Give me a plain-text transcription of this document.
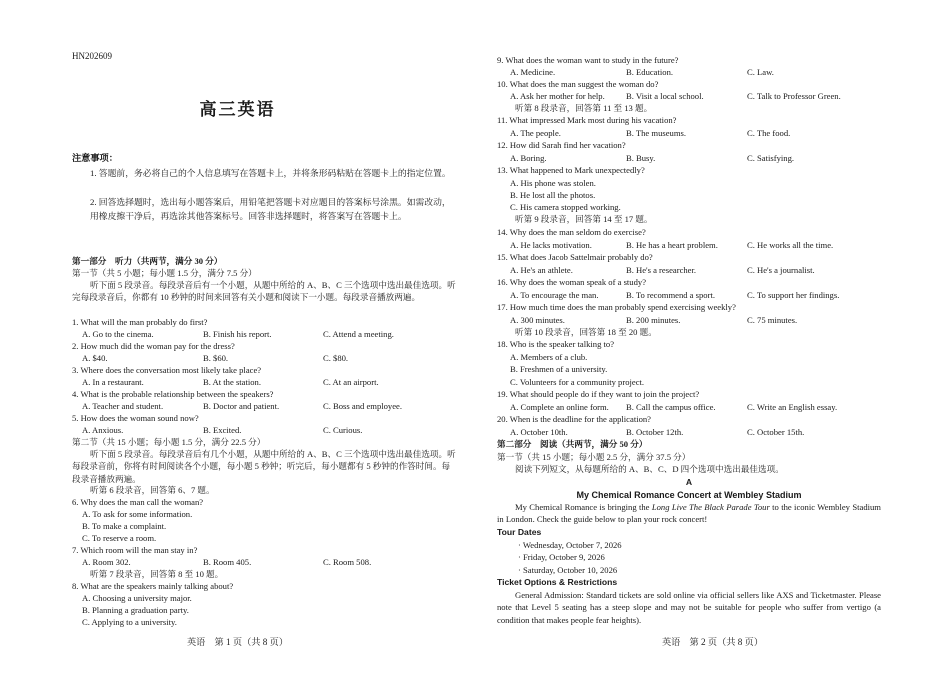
HN202609
高三英语
注意事项：
1. 答题前，务必将自己的个人信息填写在答题卡上，并将条形码粘贴在答题卡上的指定位置。
2. 回答选择题时，选出每小题答案后，用铅笔把答题卡对应题目的答案标号涂黑。如需改动，用橡皮擦干净后，再选涂其他答案标号。回答非选择题时，将答案写在答题卡上。
第一部分　听力（共两节，满分 30 分）
第一节（共 5 小题；每小题 1.5 分，满分 7.5 分）
听下面 5 段录音。每段录音后有一个小题，从题中所给的 A、B、C 三个选项中选出最佳选项。听完每段录音后，你都有 10 秒钟的时间来回答有关小题和阅读下一小题。每段录音播放两遍。
1. What will the man probably do first?
A. Go to the cinema.	B. Finish his report.	C. Attend a meeting.
2. How much did the woman pay for the dress?
A. $40.	B. $60.	C. $80.
3. Where does the conversation most likely take place?
A. In a restaurant.	B. At the station.	C. At an airport.
4. What is the probable relationship between the speakers?
A. Teacher and student.	B. Doctor and patient.	C. Boss and employee.
5. How does the woman sound now?
A. Anxious.	B. Excited.	C. Curious.
第二节（共 15 小题；每小题 1.5 分，满分 22.5 分）
听下面 5 段录音。每段录音后有几个小题，从题中所给的 A、B、C 三个选项中选出最佳选项。听每段录音前，你将有时间阅读各个小题，每小题 5 秒钟；听完后，每小题都有 5 秒钟的作答时间。每段录音播放两遍。
听第 6 段录音，回答第 6、7 题。
6. Why does the man call the woman?
A. To ask for some information.
B. To make a complaint.
C. To reserve a room.
7. Which room will the man stay in?
A. Room 302.	B. Room 405.	C. Room 508.
听第 7 段录音，回答第 8 至 10 题。
8. What are the speakers mainly talking about?
A. Choosing a university major.
B. Planning a graduation party.
C. Applying to a university.
英语　第 1 页（共 8 页）
9. What does the woman want to study in the future?
A. Medicine.	B. Education.	C. Law.
10. What does the man suggest the woman do?
A. Ask her mother for help. B. Visit a local school.	C. Talk to Professor Green.
听第 8 段录音，回答第 11 至 13 题。
11. What impressed Mark most during his vacation?
A. The people.	B. The museums.	C. The food.
12. How did Sarah find her vacation?
A. Boring.	B. Busy.	C. Satisfying.
13. What happened to Mark unexpectedly?
A. His phone was stolen.
B. He lost all the photos.
C. His camera stopped working.
听第 9 段录音，回答第 14 至 17 题。
14. Why does the man seldom do exercise?
A. He lacks motivation.	B. He has a heart problem.	C. He works all the time.
15. What does Jacob Sattelmair probably do?
A. He's an athlete.	B. He's a researcher.	C. He's a journalist.
16. Why does the woman speak of a study?
A. To encourage the man.	B. To recommend a sport.	C. To support her findings.
17. How much time does the man probably spend exercising weekly?
A. 300 minutes.	B. 200 minutes.	C. 75 minutes.
听第 10 段录音，回答第 18 至 20 题。
18. Who is the speaker talking to?
A. Members of a club.
B. Freshmen of a university.
C. Volunteers for a community project.
19. What should people do if they want to join the project?
A. Complete an online form. B. Call the campus office.	C. Write an English essay.
20. When is the deadline for the application?
A. October 10th.	B. October 12th.	C. October 15th.
第二部分　阅读（共两节，满分 50 分）
第一节（共 15 小题；每小题 2.5 分，满分 37.5 分）
阅读下列短文，从每题所给的 A、B、C、D 四个选项中选出最佳选项。
A
My Chemical Romance Concert at Wembley Stadium
My Chemical Romance is bringing the Long Live The Black Parade Tour to the iconic Wembley Stadium in London. Check the guide below to plan your rock concert!
Tour Dates
· Wednesday, October 7, 2026
· Friday, October 9, 2026
· Saturday, October 10, 2026
Ticket Options & Restrictions
General Admission: Standard tickets are sold online via official sellers like AXS and Ticketmaster. Please note that Level 5 seating has a steep slope and may not be suitable for people who suffer from vertigo (a condition that makes people fear heights).
英语　第 2 页（共 8 页）
